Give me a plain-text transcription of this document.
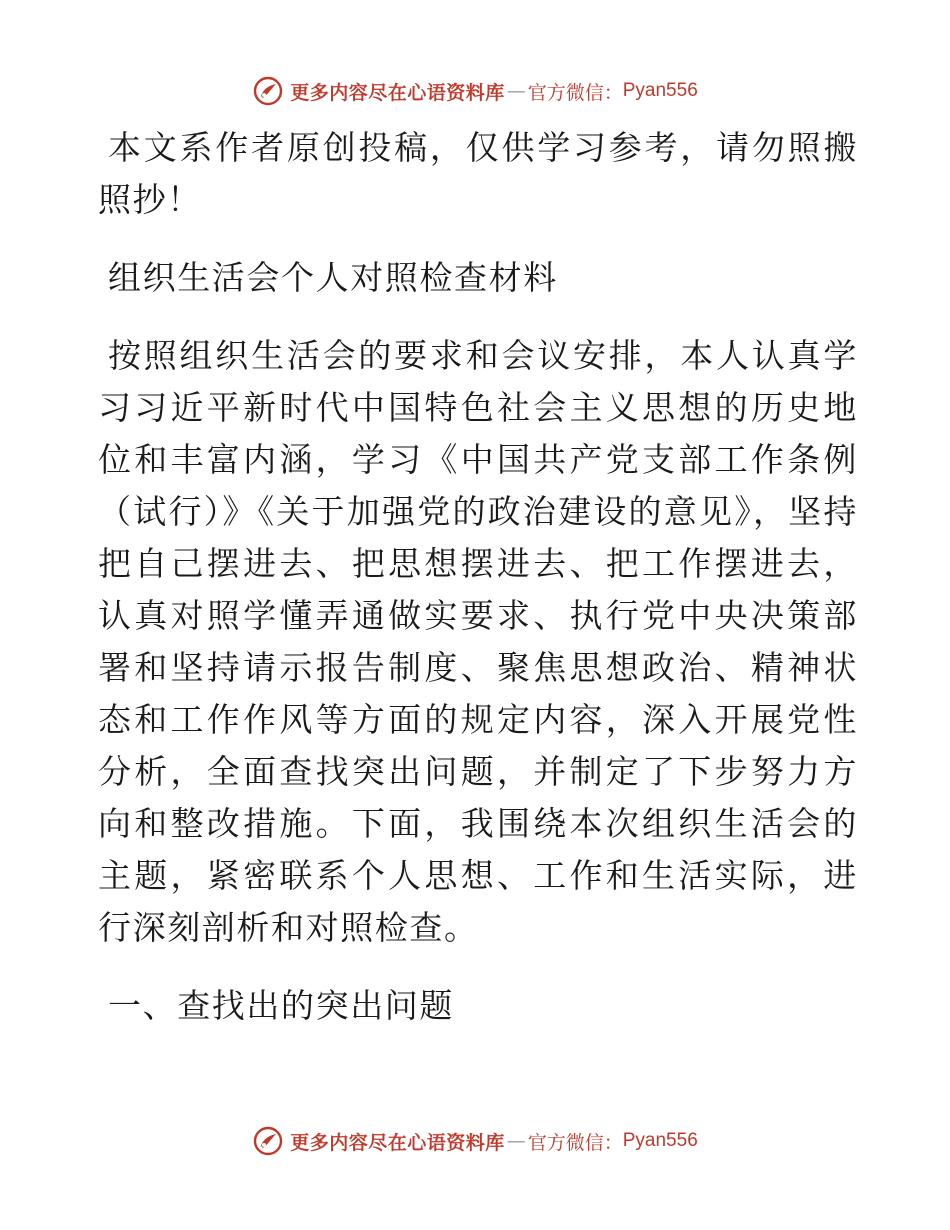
更多内容尽在心语资料库 — 官方微信： Pyan556

本文系作者原创投稿，仅供学习参考，请勿照搬照抄！

组织生活会个人对照检查材料

按照组织生活会的要求和会议安排，本人认真学习习近平新时代中国特色社会主义思想的历史地位和丰富内涵，学习《中国共产党支部工作条例（试行）》《关于加强党的政治建设的意见》，坚持把自己摆进去、把思想摆进去、把工作摆进去，认真对照学懂弄通做实要求、执行党中央决策部署和坚持请示报告制度、聚焦思想政治、精神状态和工作作风等方面的规定内容，深入开展党性分析，全面查找突出问题，并制定了下步努力方向和整改措施。下面，我围绕本次组织生活会的主题，紧密联系个人思想、工作和生活实际，进行深刻剖析和对照检查。

一、查找出的突出问题

更多内容尽在心语资料库 — 官方微信： Pyan556
